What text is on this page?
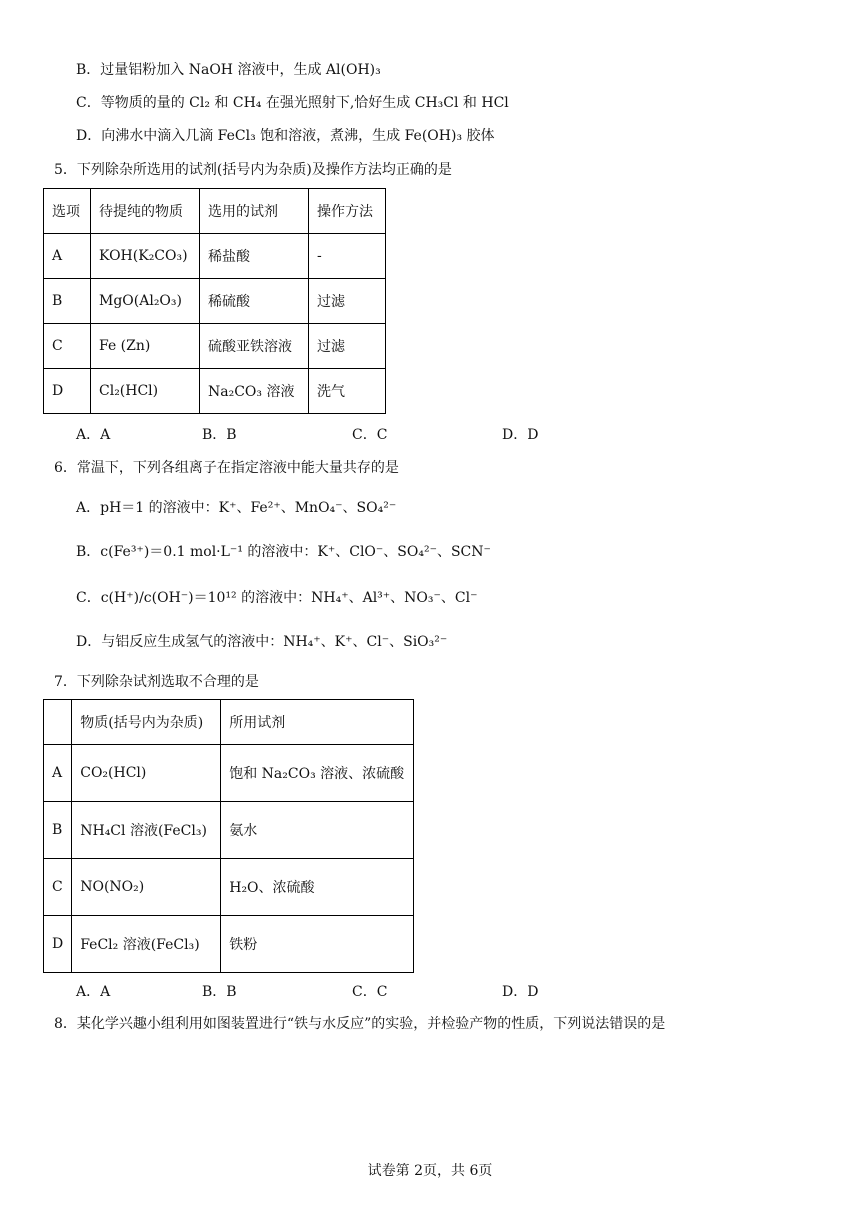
B．过量铝粉加入 NaOH 溶液中，生成 Al(OH)₃
C．等物质的量的 Cl₂ 和 CH₄ 在强光照射下,恰好生成 CH₃Cl 和 HCl
D．向沸水中滴入几滴 FeCl₃ 饱和溶液，煮沸，生成 Fe(OH)₃ 胶体
5．下列除杂所选用的试剂(括号内为杂质)及操作方法均正确的是
选项	待提纯的物质	选用的试剂	操作方法
A	KOH(K₂CO₃)	稀盐酸	-
B	MgO(Al₂O₃)	稀硫酸	过滤
C	Fe (Zn)	硫酸亚铁溶液	过滤
D	Cl₂(HCl)	Na₂CO₃ 溶液	洗气
A．A	B．B	C．C	D．D
6．常温下，下列各组离子在指定溶液中能大量共存的是
A．pH＝1 的溶液中：K⁺、Fe²⁺、MnO₄⁻、SO₄²⁻
B．c(Fe³⁺)＝0.1 mol·L⁻¹ 的溶液中：K⁺、ClO⁻、SO₄²⁻、SCN⁻
C．c(H⁺)/c(OH⁻)＝10¹² 的溶液中：NH₄⁺、Al³⁺、NO₃⁻、Cl⁻
D．与铝反应生成氢气的溶液中：NH₄⁺、K⁺、Cl⁻、SiO₃²⁻
7．下列除杂试剂选取不合理的是
	物质(括号内为杂质)	所用试剂
A	CO₂(HCl)	饱和 Na₂CO₃ 溶液、浓硫酸
B	NH₄Cl 溶液(FeCl₃)	氨水
C	NO(NO₂)	H₂O、浓硫酸
D	FeCl₂ 溶液(FeCl₃)	铁粉
A．A	B．B	C．C	D．D
8．某化学兴趣小组利用如图装置进行“铁与水反应”的实验，并检验产物的性质，下列说法错误的是
试卷第 2页，共 6页
